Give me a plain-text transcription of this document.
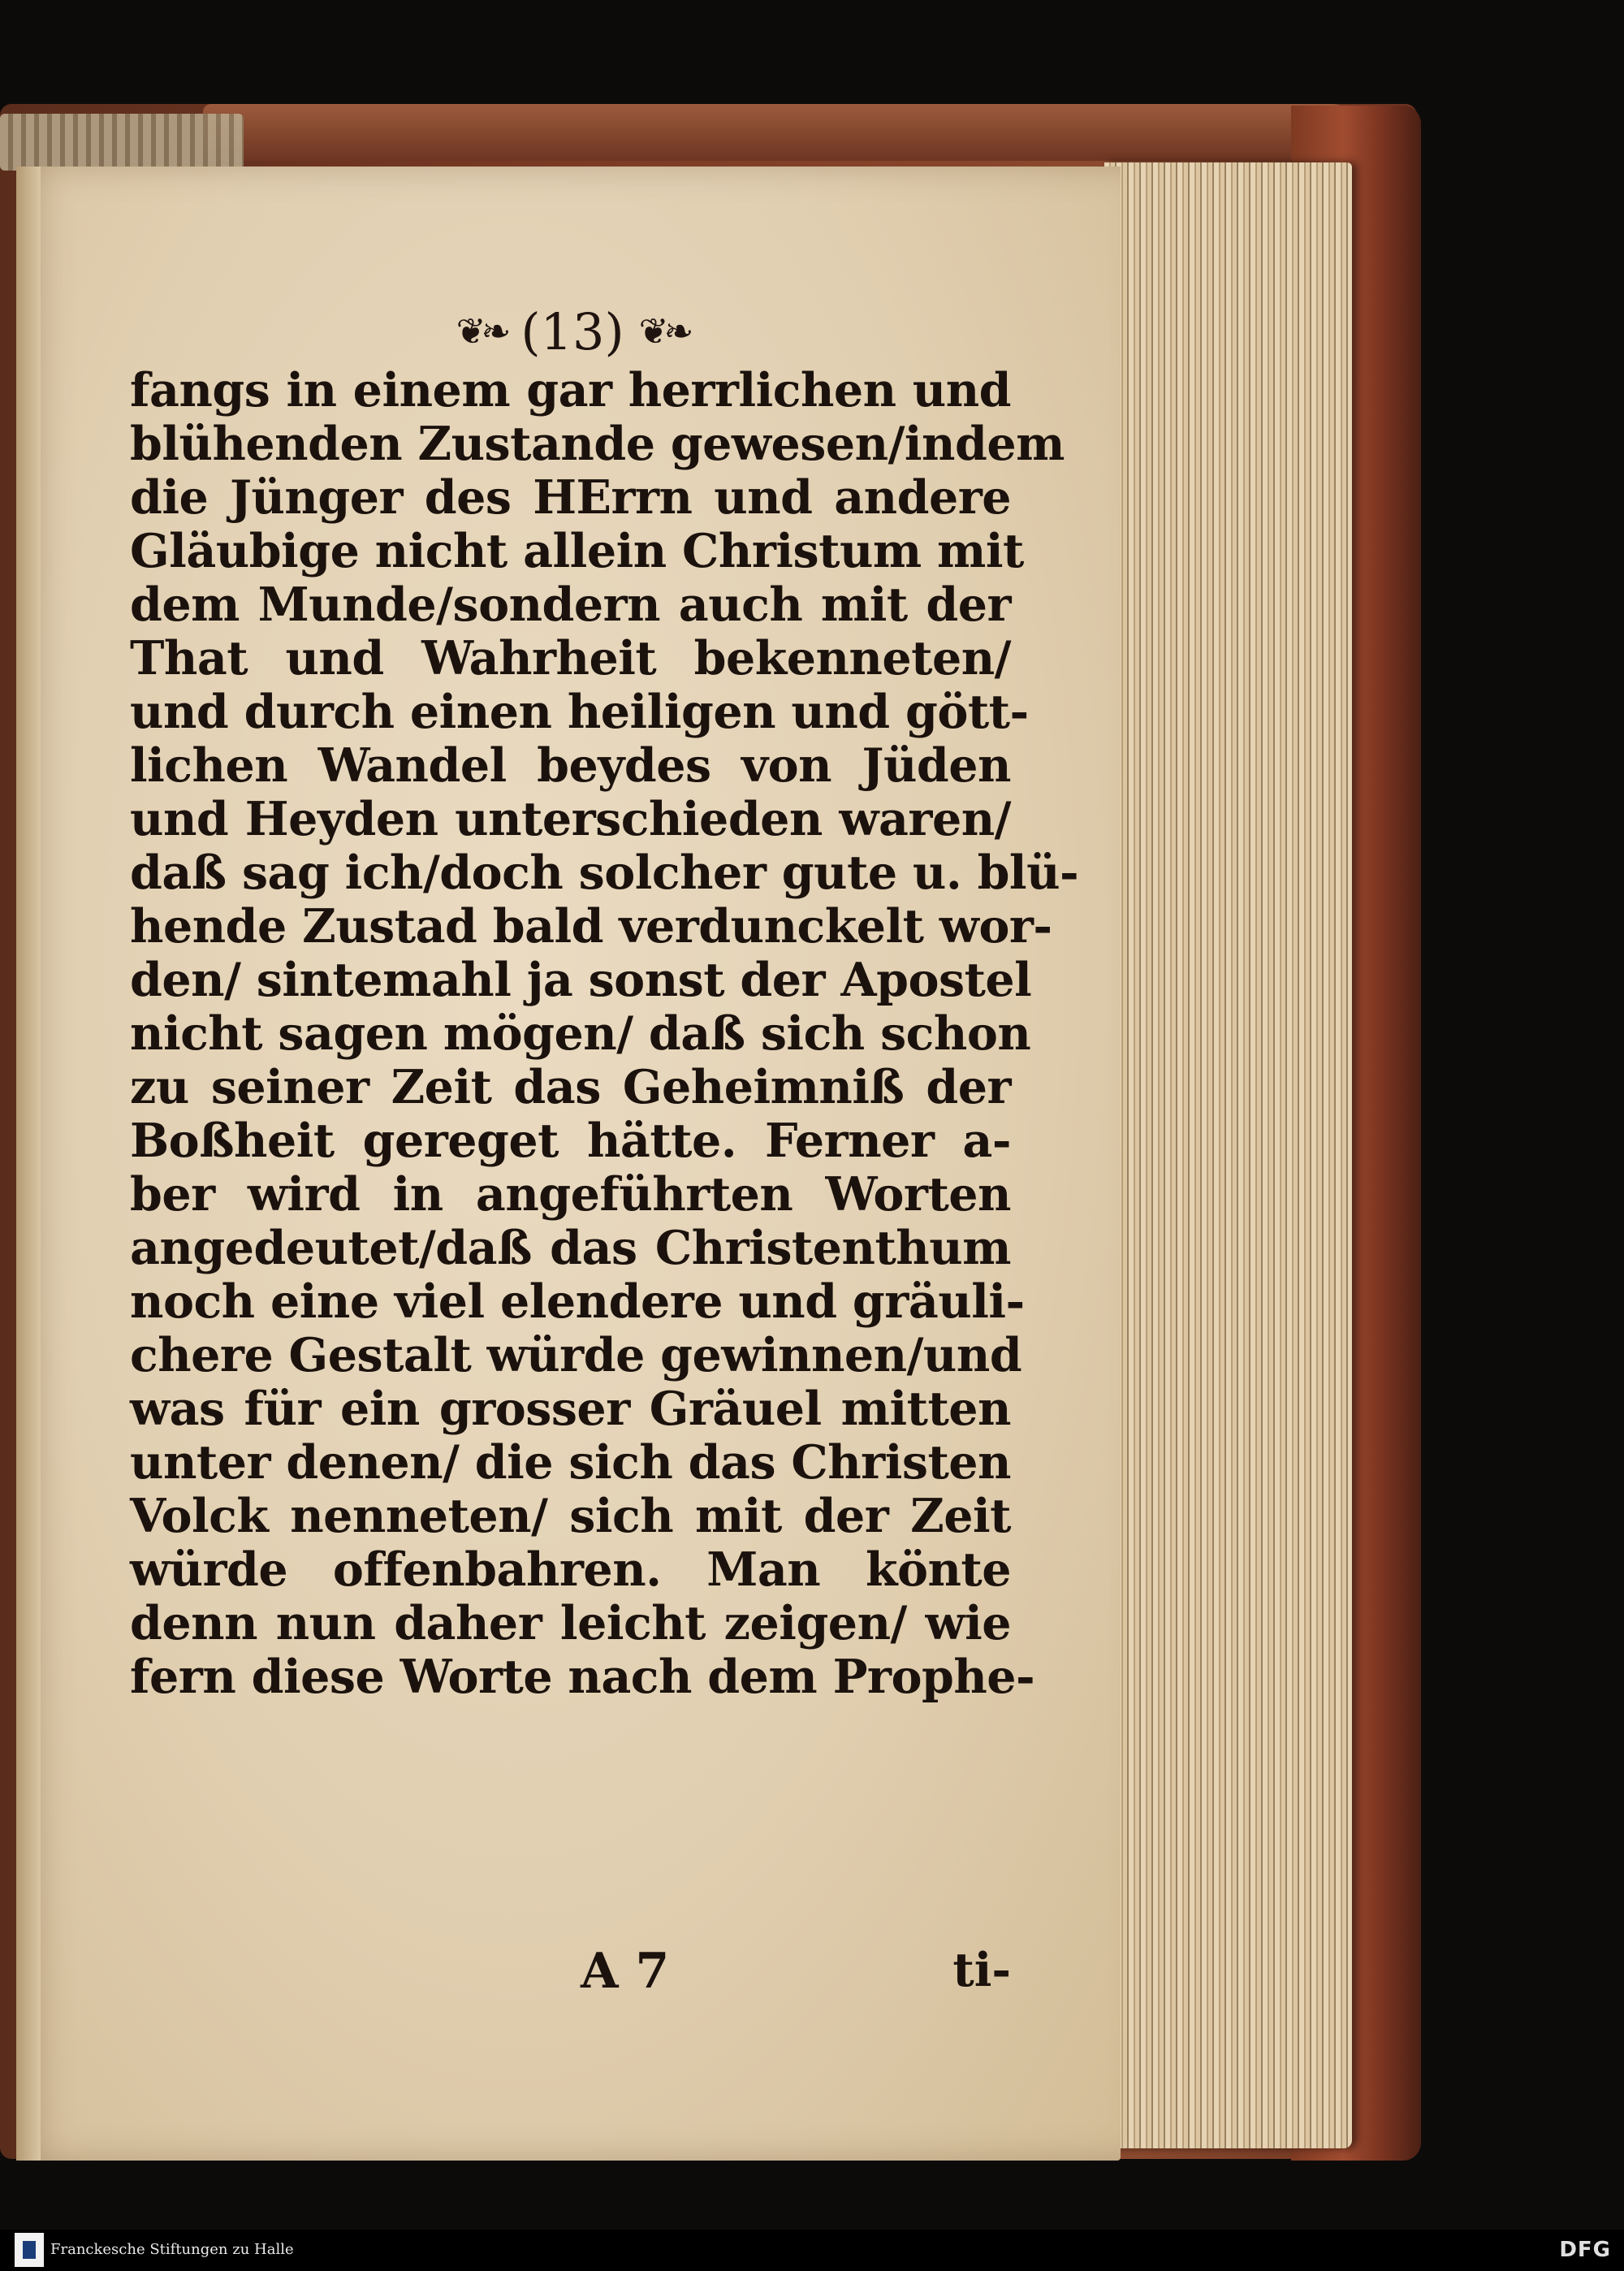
❦❧ (13) ❦❧
fangs in einem gar herrlichen und
blühenden Zustande gewesen/indem
die Jünger des HErrn und andere
Gläubige nicht allein Christum mit
dem Munde/sondern auch mit der
That und Wahrheit bekenneten/
und durch einen heiligen und gött-
lichen Wandel beydes von Jüden
und Heyden unterschieden waren/
daß sag ich/doch solcher gute u. blü-
hende Zustad bald verdunckelt wor-
den/ sintemahl ja sonst der Apostel
nicht sagen mögen/ daß sich schon
zu seiner Zeit das Geheimniß der
Boßheit gereget hätte. Ferner a-
ber wird in angeführten Worten
angedeutet/daß das Christenthum
noch eine viel elendere und gräuli-
chere Gestalt würde gewinnen/und
was für ein grosser Gräuel mitten
unter denen/ die sich das Christen
Volck nenneten/ sich mit der Zeit
würde offenbahren. Man könte
denn nun daher leicht zeigen/ wie
fern diese Worte nach dem Prophe-
A 7	ti-
Franckesche Stiftungen zu Halle	DFG
